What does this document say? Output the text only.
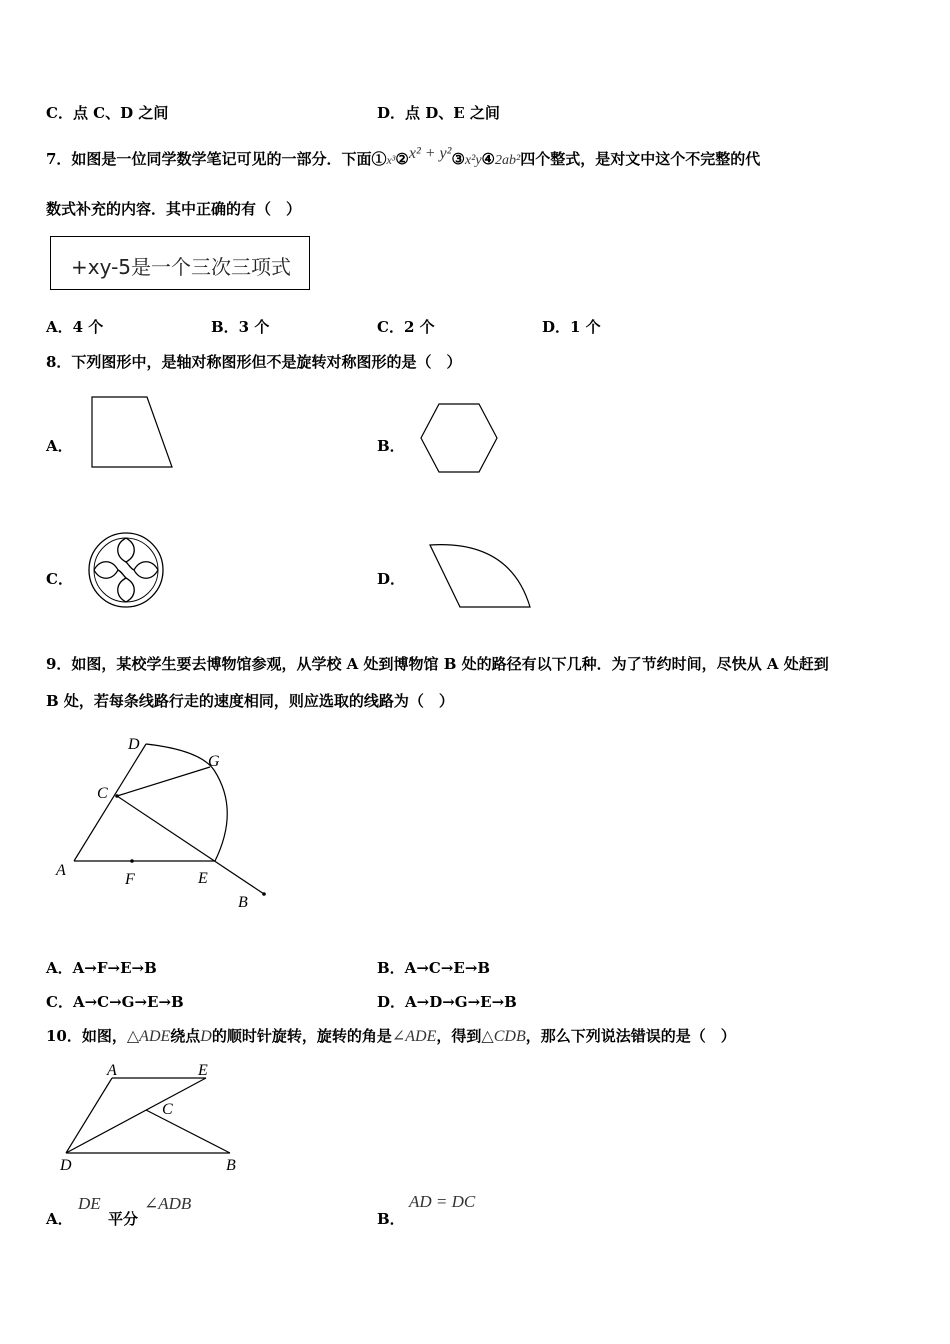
C．点 C、D 之间	D．点 D、E 之间
7．如图是一位同学数学笔记可见的一部分．下面①x³②x² + y²③x²y④2ab²四个整式，是对文中这个不完整的代
数式补充的内容．其中正确的有（　）
+xy-5是一个三次三项式
A．4 个	B．3 个	C．2 个	D．1 个
8．下列图形中，是轴对称图形但不是旋转对称图形的是（　）
A．	B．
C．	D．
9．如图，某校学生要去博物馆参观，从学校 A 处到博物馆 B 处的路径有以下几种．为了节约时间，尽快从 A 处赶到
B 处，若每条线路行走的速度相同，则应选取的线路为（　）
D
G
C
A
F	E
B
A．A→F→E→B	B．A→C→E→B
C．A→C→G→E→B	D．A→D→G→E→B
10．如图，△ADE绕点D的顺时针旋转，旋转的角是∠ADE，得到△CDB，那么下列说法错误的是（　）
A	E
C
D	B
A．
DE
平分
∠ADB
B．
AD = DC
